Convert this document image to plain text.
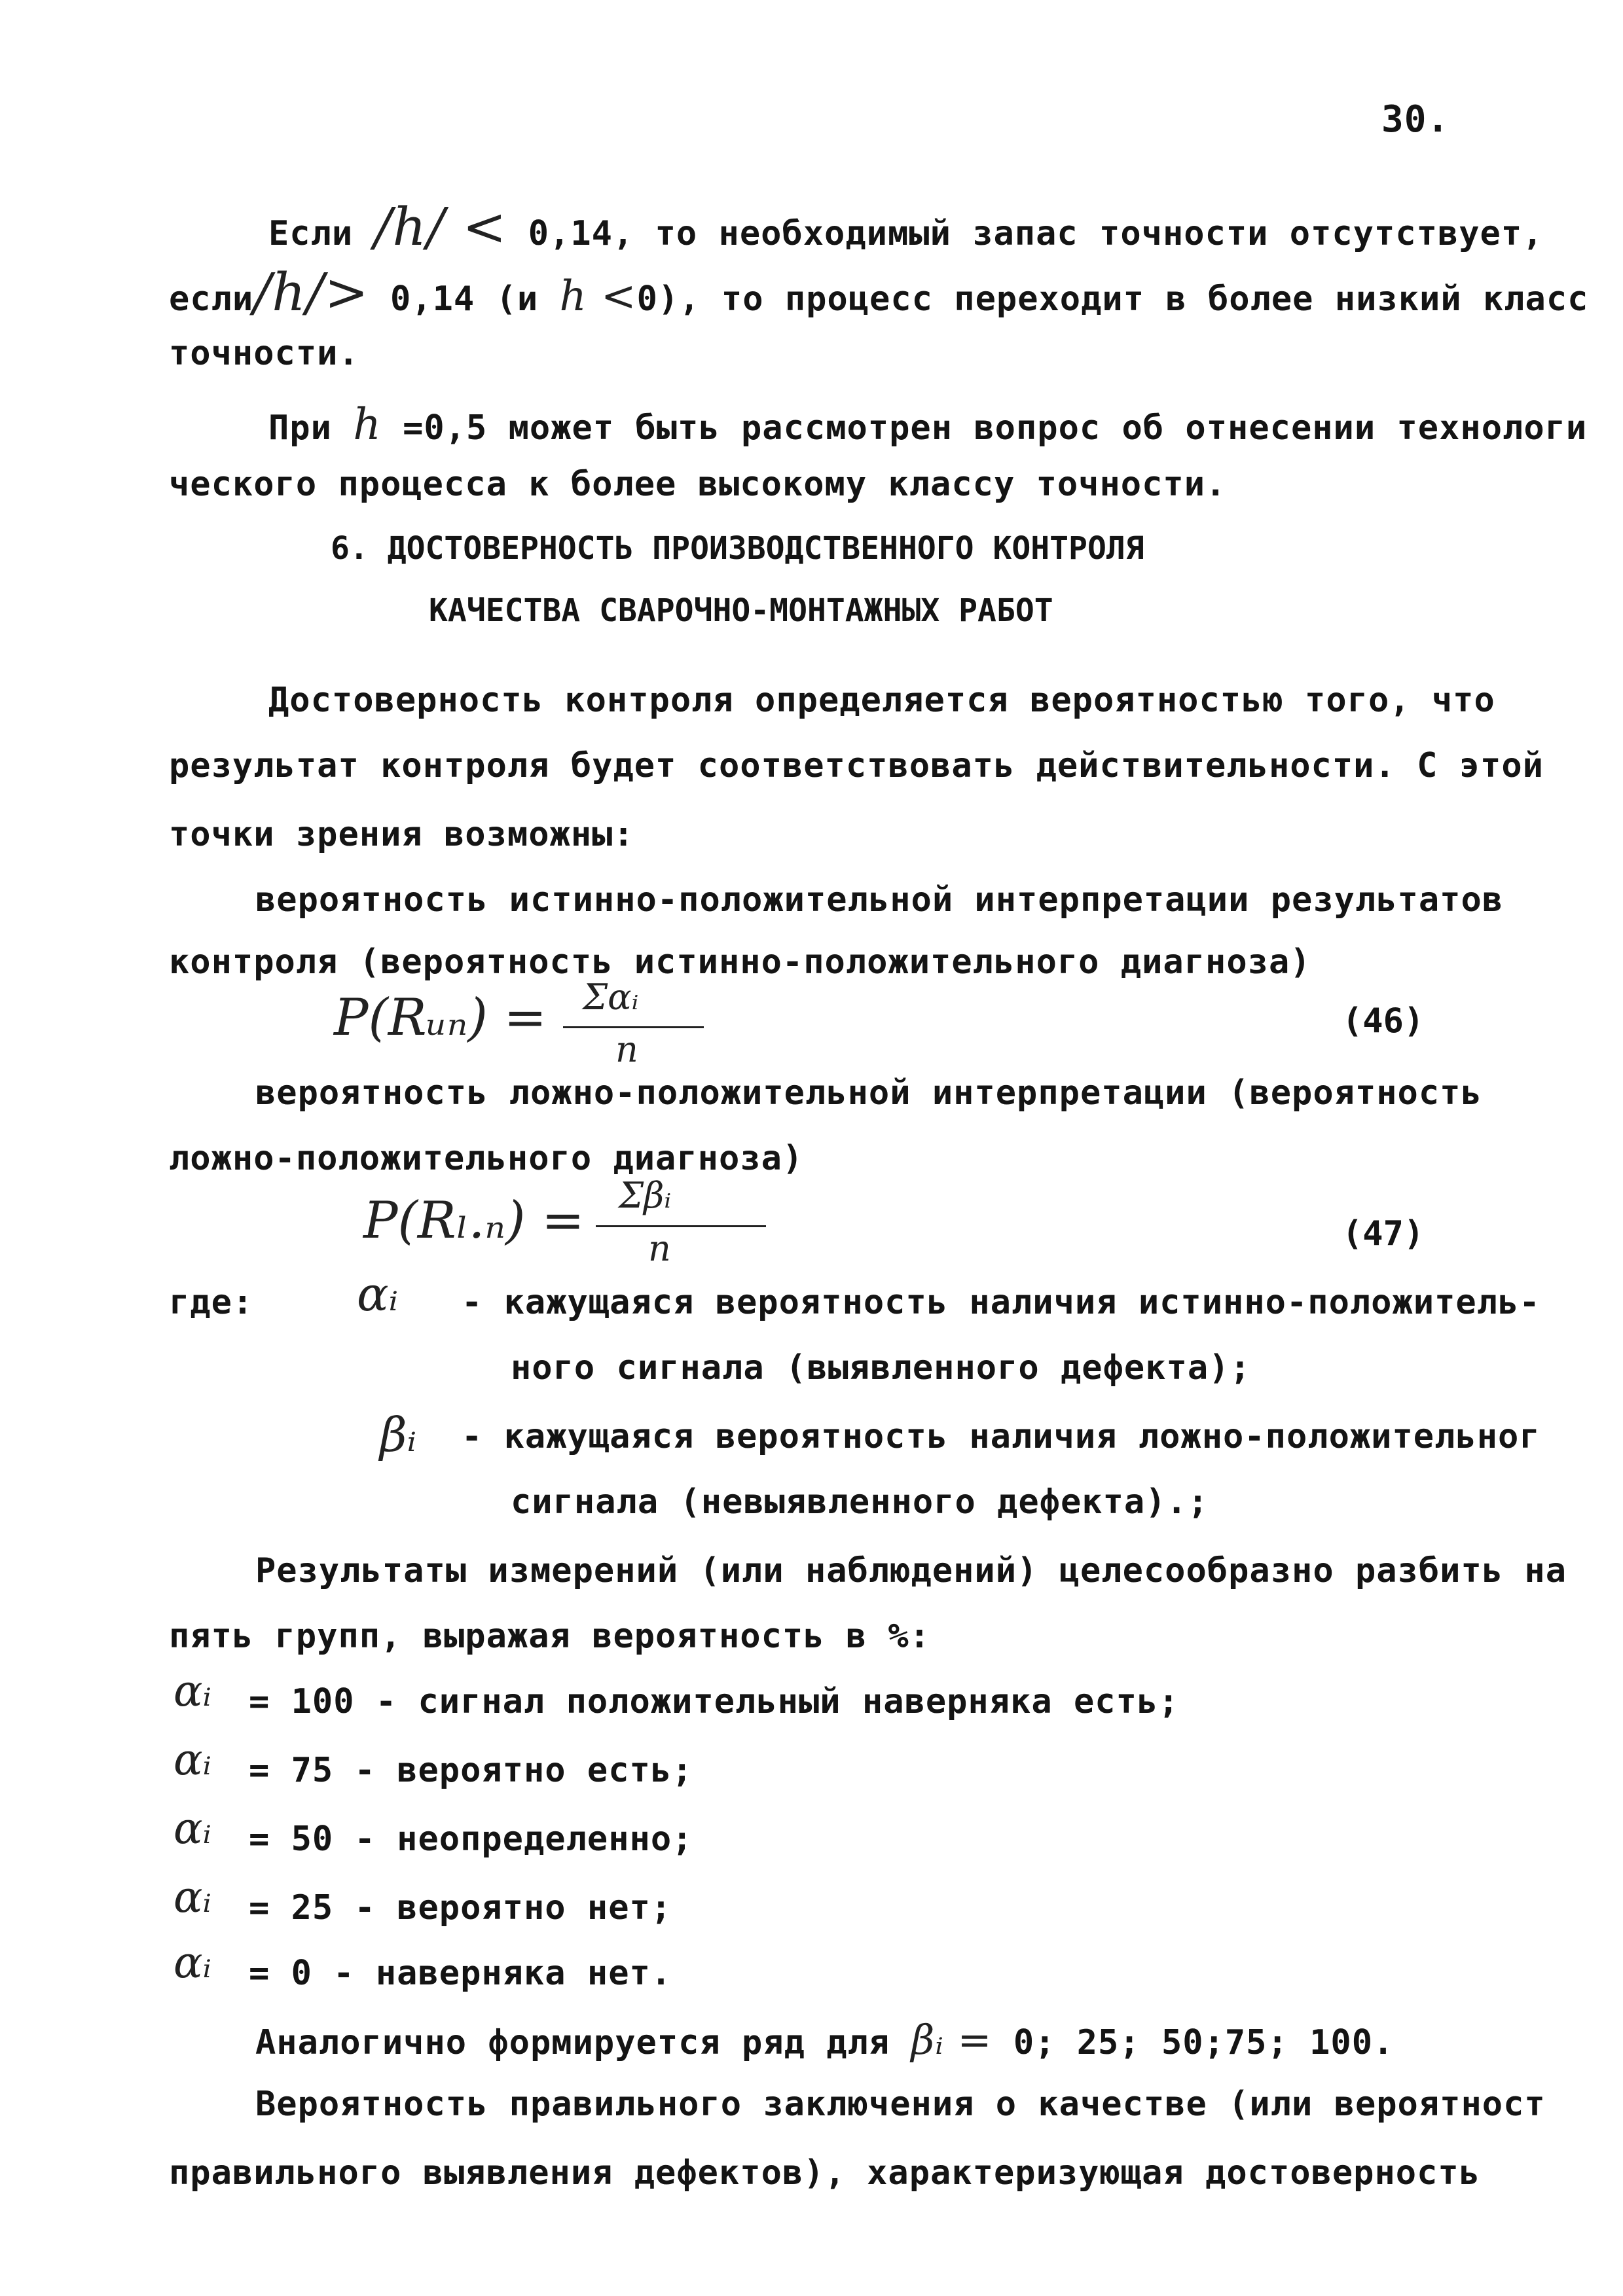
30.
Если /h/ < 0,14, то необходимый запас точности отсутствует,
если/h/> 0,14 (и h <0), то процесс переходит в более низкий класс
точности.
При h =0,5 может быть рассмотрен вопрос об отнесении технологи
ческого процесса к более высокому классу точности.
6. ДОСТОВЕРНОСТЬ ПРОИЗВОДСТВЕННОГО КОНТРОЛЯ
КАЧЕСТВА СВАРОЧНО-МОНТАЖНЫХ РАБОТ
Достоверность контроля определяется вероятностью того, что
результат контроля будет соответствовать действительности. С этой
точки зрения возможны:
вероятность истинно-положительной интерпретации результатов
контроля (вероятность истинно-положительного диагноза)
P(Rᵤₙ) = Σαᵢ
n
(46)
вероятность ложно-положительной интерпретации (вероятность
ложно-положительного диагноза)
P(Rₗ.ₙ) = Σβᵢ
n	(47)
где: αᵢ - кажущаяся вероятность наличия истинно-положитель-
ного сигнала (выявленного дефекта);
βᵢ - кажущаяся вероятность наличия ложно-положительног
сигнала (невыявленного дефекта).;
Результаты измерений (или наблюдений) целесообразно разбить на
пять групп, выражая вероятность в %:
αᵢ = 100 - сигнал положительный наверняка есть;
αᵢ = 75 - вероятно есть;
αᵢ = 50 - неопределенно;
αᵢ = 25 - вероятно нет;
αᵢ = 0 - наверняка нет.
Аналогично формируется ряд для βᵢ = 0; 25; 50;75; 100.
Вероятность правильного заключения о качестве (или вероятност
правильного выявления дефектов), характеризующая достоверность
